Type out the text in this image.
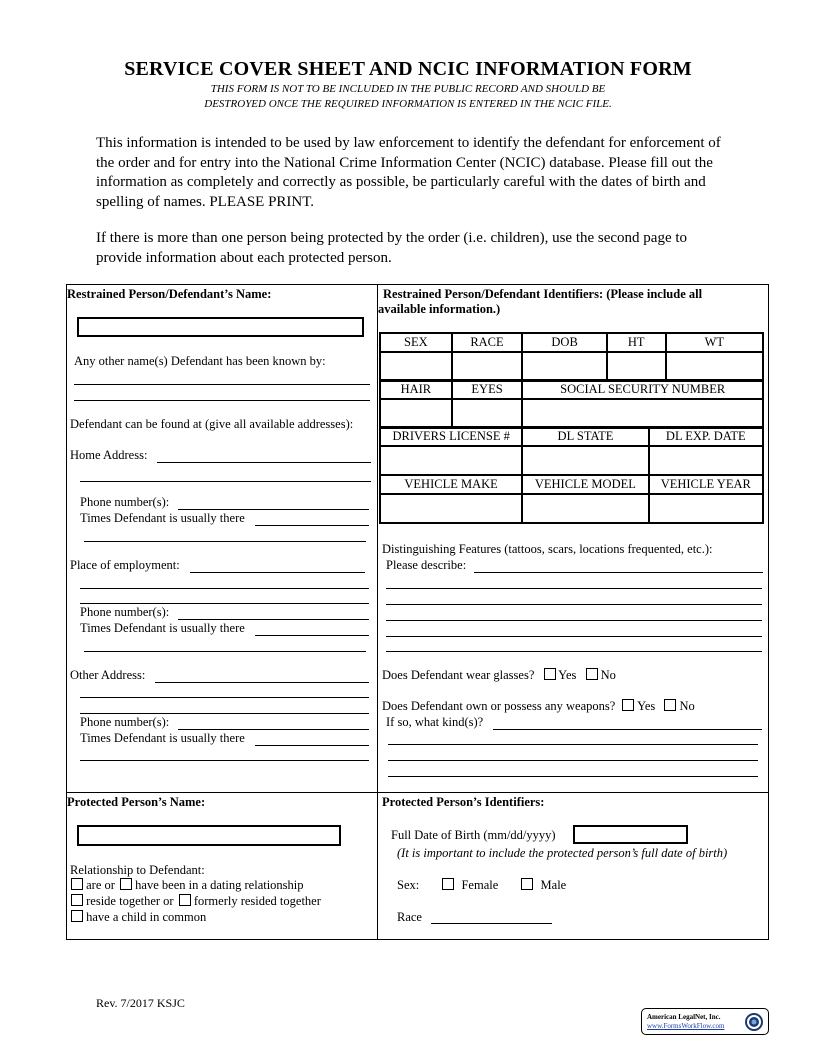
SERVICE COVER SHEET AND NCIC INFORMATION FORM
THIS FORM IS NOT TO BE INCLUDED IN THE PUBLIC RECORD AND SHOULD BE
DESTROYED ONCE THE REQUIRED INFORMATION IS ENTERED IN THE NCIC FILE.
This information is intended to be used by law enforcement to identify the defendant for enforcement of the order and for entry into the National Crime Information Center (NCIC) database. Please fill out the information as completely and correctly as possible, be particularly careful with the dates of birth and spelling of names. PLEASE PRINT.
If there is more than one person being protected by the order (i.e. children), use the second page to provide information about each protected person.
Restrained Person/Defendant’s Name:
Any other name(s) Defendant has been known by:
Defendant can be found at (give all available addresses):
Home Address:
Phone number(s):
Times Defendant is usually there
Place of employment:
Phone number(s):
Times Defendant is usually there
Other Address:
Phone number(s):
Times Defendant is usually there
Restrained Person/Defendant Identifiers: (Please include all
available information.)
SEX	RACE	DOB	HT	WT

HAIR	EYES	SOCIAL SECURITY NUMBER

DRIVERS LICENSE #	DL STATE	DL EXP. DATE

VEHICLE MAKE	VEHICLE MODEL	VEHICLE YEAR

Distinguishing Features (tattoos, scars, locations frequented, etc.):
Please describe:
Does Defendant wear glasses? Yes No
Does Defendant own or possess any weapons? Yes No
If so, what kind(s)?
Protected Person’s Name:
Relationship to Defendant:
are or have been in a dating relationship
reside together or formerly resided together
have a child in common
Protected Person’s Identifiers:
Full Date of Birth (mm/dd/yyyy)
(It is important to include the protected person’s full date of birth)
Sex:	Female	Male
Race
Rev. 7/2017 KSJC
American LegalNet, Inc.
www.FormsWorkFlow.com
